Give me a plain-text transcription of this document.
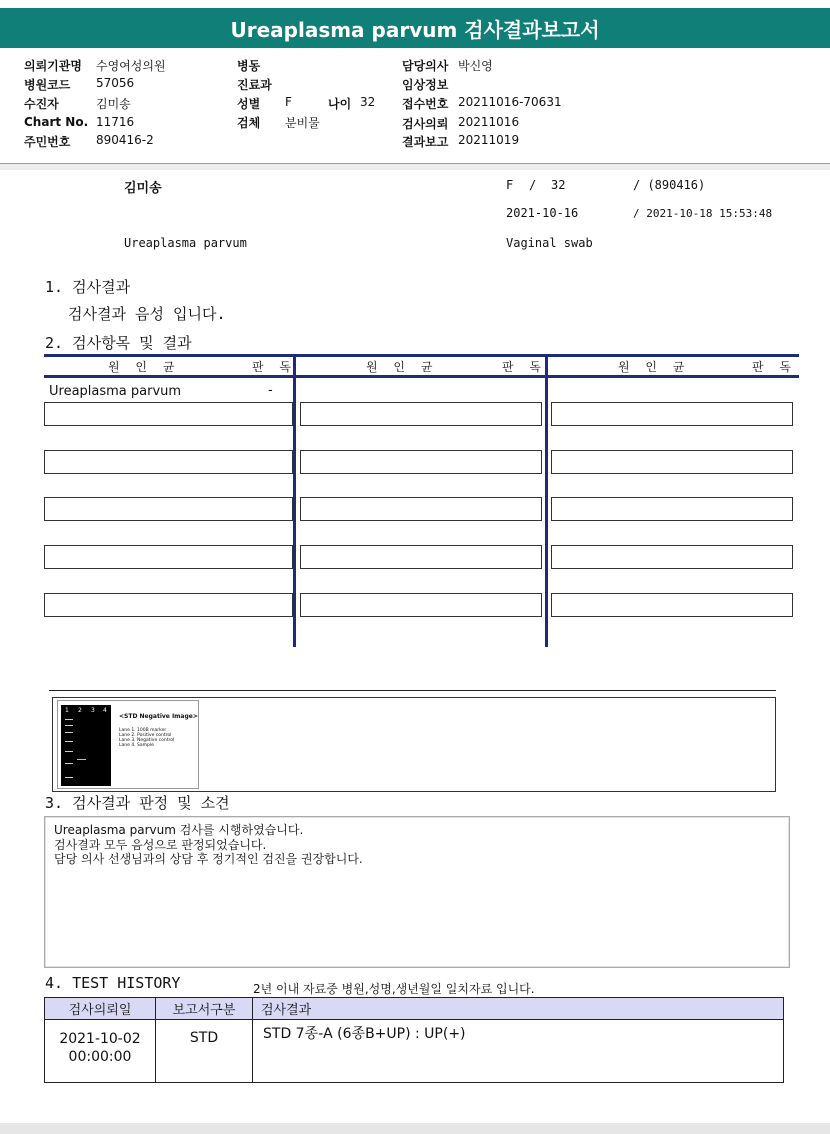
Ureaplasma parvum 검사결과보고서
의뢰기관명 수영여성의원
병원코드 57056
수진자	김미송
Chart No. 11716
주민번호 890416-2
병동
진료과
성별 F	나이 32
검체 분비물
담당의사 박신영
임상정보
접수번호 20211016-70631
검사의뢰 20211016
결과보고 20211019
김미송	F / 32	/ (890416)
2021-10-16	/ 2021-10-18 15:53:48
Ureaplasma parvum	Vaginal swab
1. 검사결과
검사결과 음성 입니다.
2. 검사항목 및 결과
원 인 균	판 독	원 인 균	판 독	원 인 균	판 독
Ureaplasma parvum	-
1 2 3 4
<STD Negative Image>
Lane 1. 100B marker
Lane 2. Positive control
Lane 3. Negative control
Lane 4. Sample
3. 검사결과 판정 및 소견
Ureaplasma parvum 검사를 시행하였습니다.
검사결과 모두 음성으로 판정되었습니다.
담당 의사 선생님과의 상담 후 정기적인 검진을 권장합니다.
4. TEST HISTORY	2년 이내 자료중 병원,성명,생년월일 일치자료 입니다.
검사의뢰일	보고서구분	검사결과

2021-10-02
00:00:00	STD	STD 7종-A (6종B+UP) : UP(+)
